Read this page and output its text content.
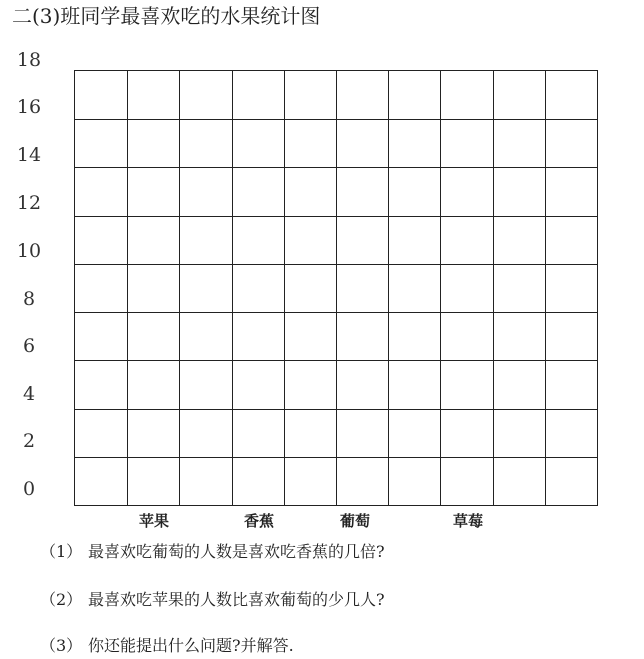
二(3)班同学最喜欢吃的水果统计图
18
16
14
12
10
8
6
4
2
0
苹果	香蕉	葡萄	草莓
（1） 最喜欢吃葡萄的人数是喜欢吃香蕉的几倍?
（2） 最喜欢吃苹果的人数比喜欢葡萄的少几人?
（3） 你还能提出什么问题?并解答.
